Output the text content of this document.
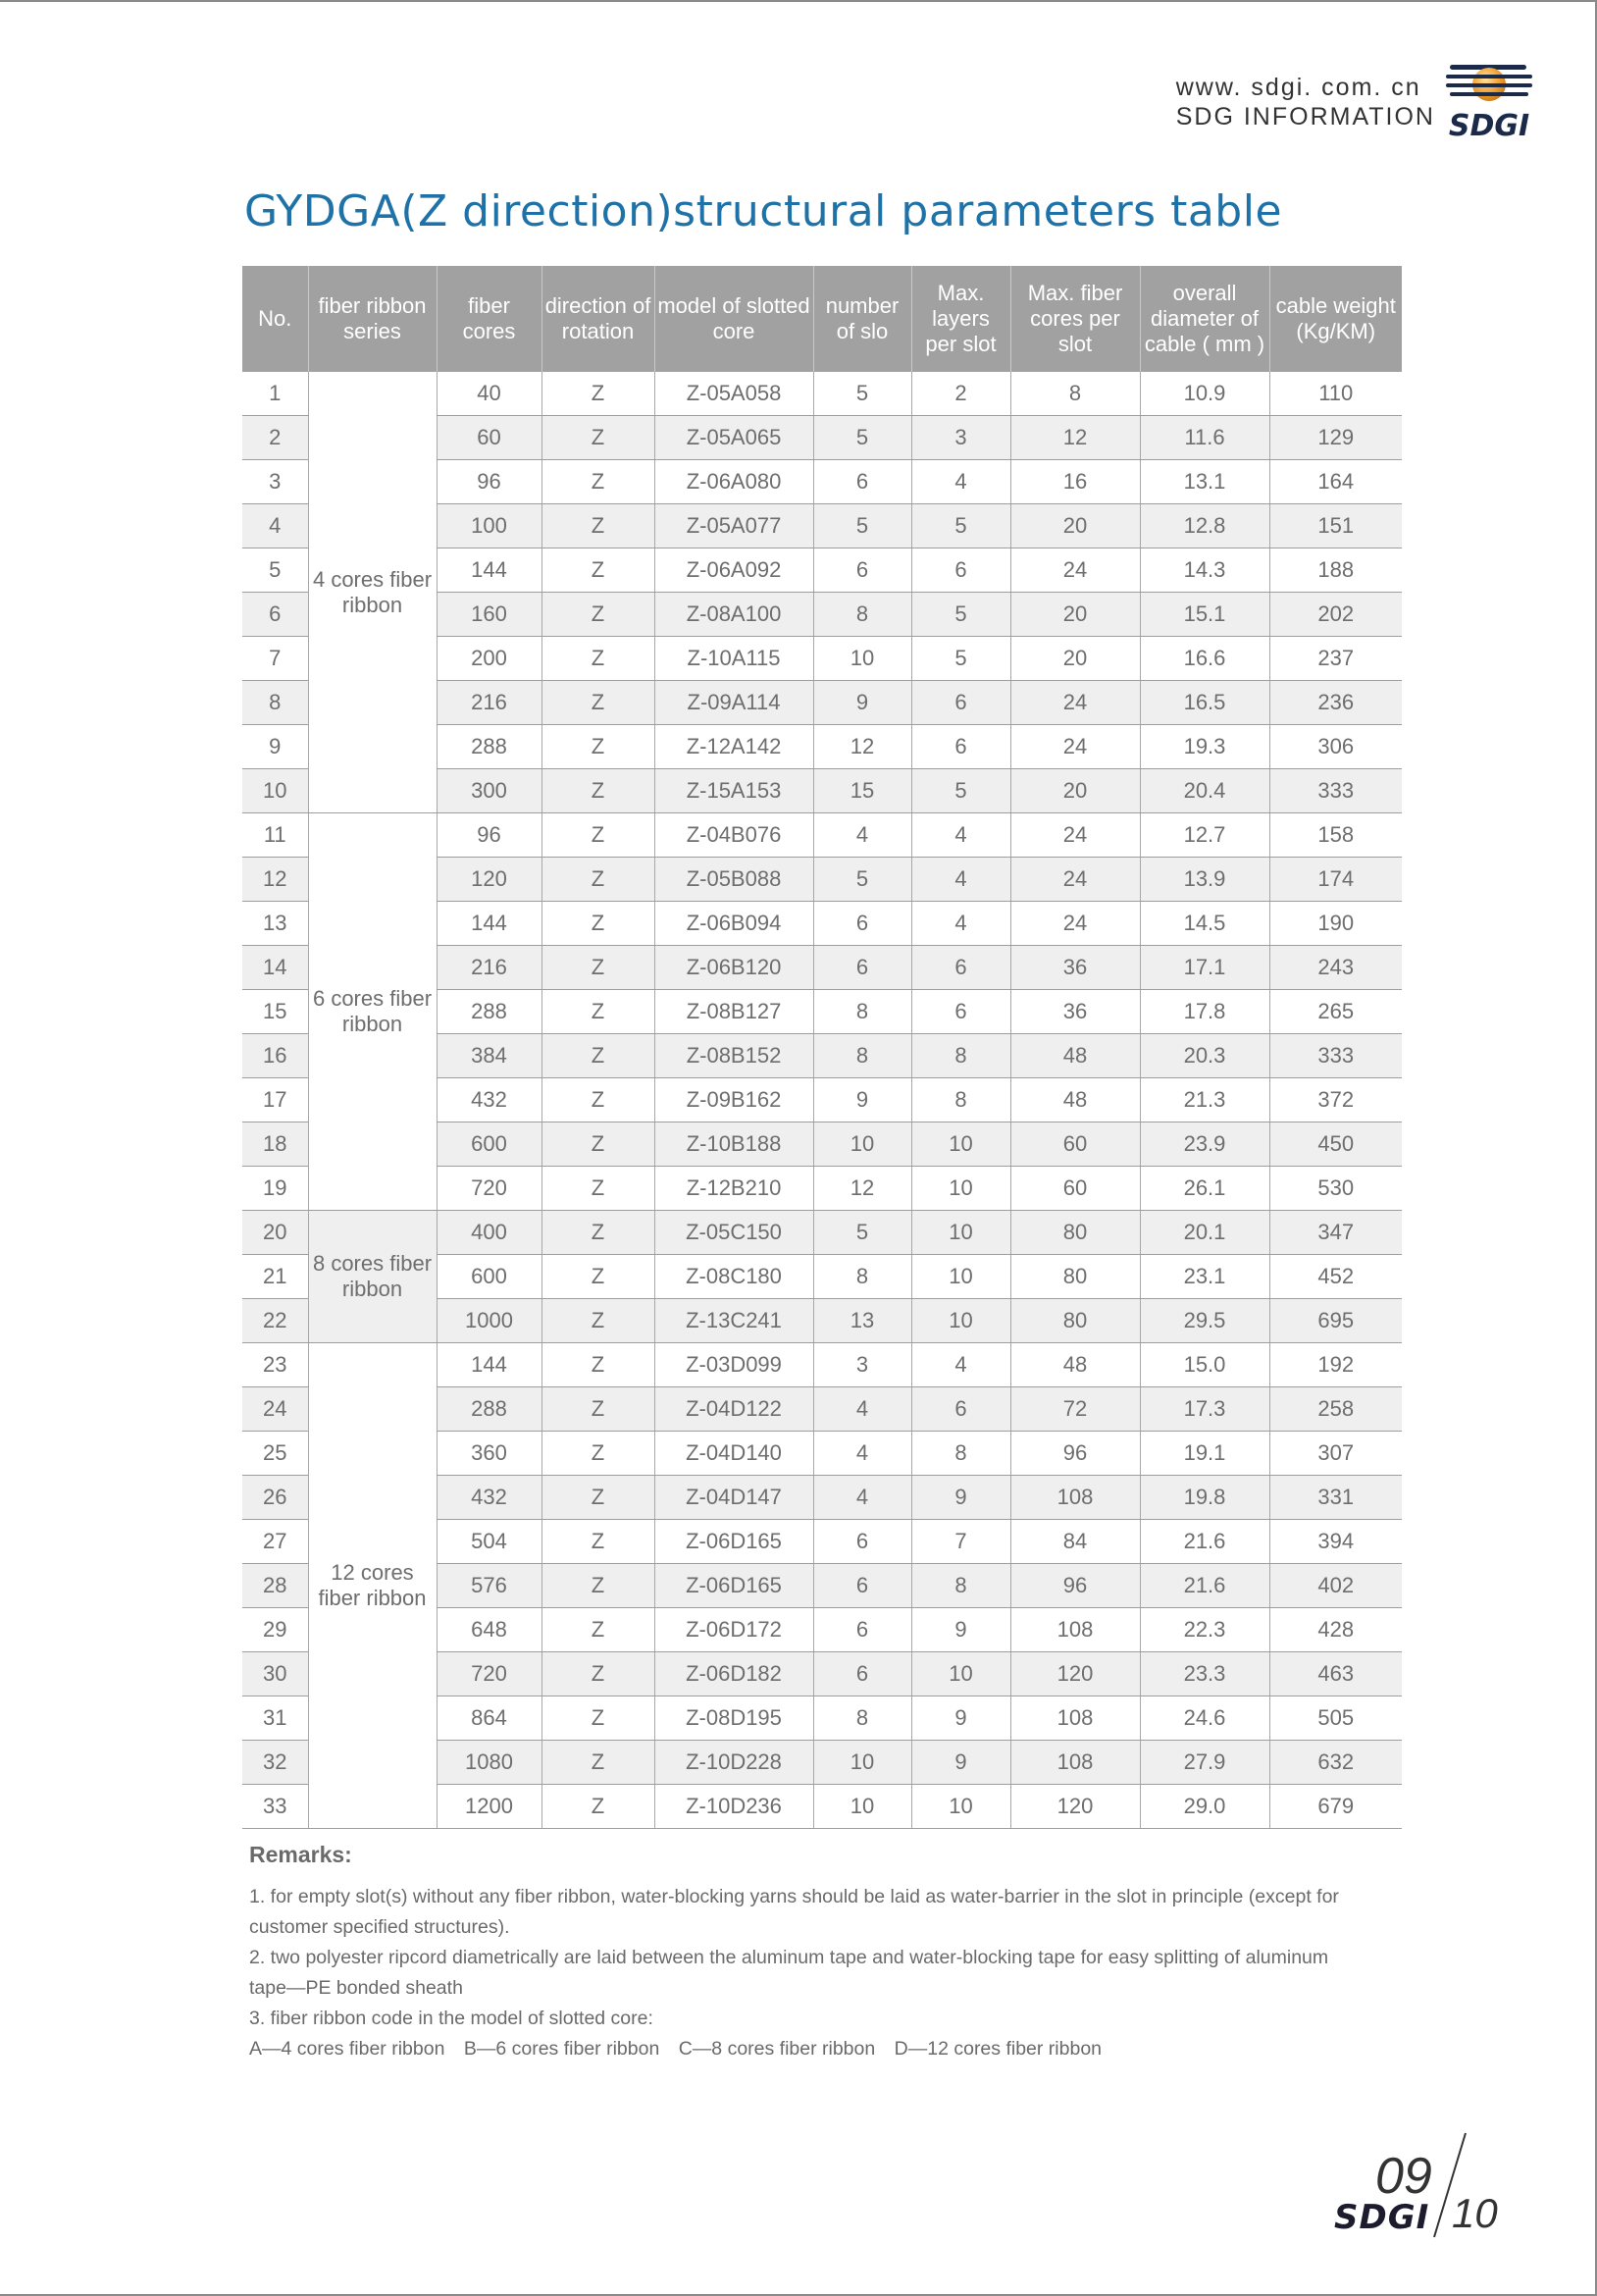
www. sdgi. com. cn
SDG INFORMATION SDGI
GYDGA(Z direction)structural parameters table
No.	fiber ribbon series	fiber cores	direction of rotation	model of slotted core	number of slo	Max. layers per slot	Max. fiber cores per slot	overall diameter of cable ( mm )	cable weight (Kg/KM)
1	4 cores fiber ribbon	40	Z	Z-05A058	5	2	8	10.9	110
2		60	Z	Z-05A065	5	3	12	11.6	129
3		96	Z	Z-06A080	6	4	16	13.1	164
4		100	Z	Z-05A077	5	5	20	12.8	151
5		144	Z	Z-06A092	6	6	24	14.3	188
6		160	Z	Z-08A100	8	5	20	15.1	202
7		200	Z	Z-10A115	10	5	20	16.6	237
8		216	Z	Z-09A114	9	6	24	16.5	236
9		288	Z	Z-12A142	12	6	24	19.3	306
10		300	Z	Z-15A153	15	5	20	20.4	333
11	6 cores fiber ribbon	96	Z	Z-04B076	4	4	24	12.7	158
12		120	Z	Z-05B088	5	4	24	13.9	174
13		144	Z	Z-06B094	6	4	24	14.5	190
14		216	Z	Z-06B120	6	6	36	17.1	243
15		288	Z	Z-08B127	8	6	36	17.8	265
16		384	Z	Z-08B152	8	8	48	20.3	333
17		432	Z	Z-09B162	9	8	48	21.3	372
18		600	Z	Z-10B188	10	10	60	23.9	450
19		720	Z	Z-12B210	12	10	60	26.1	530
20	8 cores fiber ribbon	400	Z	Z-05C150	5	10	80	20.1	347
21		600	Z	Z-08C180	8	10	80	23.1	452
22		1000	Z	Z-13C241	13	10	80	29.5	695
23	12 cores fiber ribbon	144	Z	Z-03D099	3	4	48	15.0	192
24		288	Z	Z-04D122	4	6	72	17.3	258
25		360	Z	Z-04D140	4	8	96	19.1	307
26		432	Z	Z-04D147	4	9	108	19.8	331
27		504	Z	Z-06D165	6	7	84	21.6	394
28		576	Z	Z-06D165	6	8	96	21.6	402
29		648	Z	Z-06D172	6	9	108	22.3	428
30		720	Z	Z-06D182	6	10	120	23.3	463
31		864	Z	Z-08D195	8	9	108	24.6	505
32		1080	Z	Z-10D228	10	9	108	27.9	632
33		1200	Z	Z-10D236	10	10	120	29.0	679
Remarks:
1. for empty slot(s) without any fiber ribbon, water-blocking yarns should be laid as water-barrier in the slot in principle (except for
customer specified structures).
2. two polyester ripcord diametrically are laid between the aluminum tape and water-blocking tape for easy splitting of aluminum
tape—PE bonded sheath
3. fiber ribbon code in the model of slotted core:
A—4 cores fiber ribbon B—6 cores fiber ribbon C—8 cores fiber ribbon D—12 cores fiber ribbon
09
10
SDGI
